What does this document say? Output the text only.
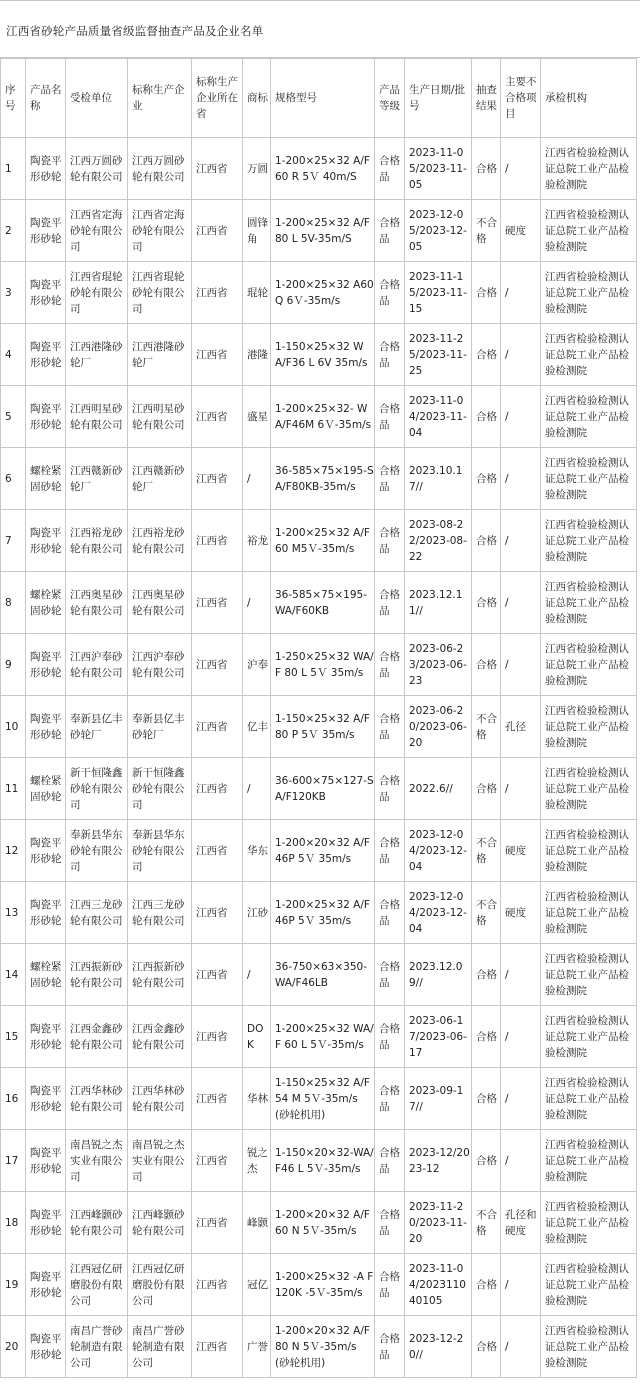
江西省砂轮产品质量省级监督抽查产品及企业名单
序号	产品名称	受检单位	标称生产企业	标称生产企业所在省	商标	规格型号	产品等级	生产日期/批号	抽查结果	主要不合格项目	承检机构
1	陶瓷平形砂轮	江西万圆砂轮有限公司	江西万圆砂轮有限公司	江西省	万圆	1-200×25×32 A/F60 R 5Ｖ 40m/S	合格品	2023-11-05/2023-11-05	合格	/	江西省检验检测认证总院工业产品检验检测院
2	陶瓷平形砂轮	江西省定海砂轮有限公司	江西省定海砂轮有限公司	江西省	圆锋角	1-200×25×32 A/F80 L 5V-35m/S	合格品	2023-12-05/2023-12-05	不合格	硬度	江西省检验检测认证总院工业产品检验检测院
3	陶瓷平形砂轮	江西省琨轮砂轮有限公司	江西省琨轮砂轮有限公司	江西省	琨轮	1-200×25×32 A60 Q 6Ｖ-35m/s	合格品	2023-11-15/2023-11-15	合格	/	江西省检验检测认证总院工业产品检验检测院
4	陶瓷平形砂轮	江西港隆砂轮厂	江西港隆砂轮厂	江西省	港隆	1-150×25×32 W A/F36 L 6V 35m/s	合格品	2023-11-25/2023-11-25	合格	/	江西省检验检测认证总院工业产品检验检测院
5	陶瓷平形砂轮	江西明星砂轮有限公司	江西明星砂轮有限公司	江西省	盛星	1-200×25×32- WA/F46M 6Ｖ-35m/s	合格品	2023-11-04/2023-11-04	合格	/	江西省检验检测认证总院工业产品检验检测院
6	螺栓紧固砂轮	江西赣新砂轮厂	江西赣新砂轮厂	江西省	/	36-585×75×195-SA/F80KB-35m/s	合格品	2023.10.17//	合格	/	江西省检验检测认证总院工业产品检验检测院
7	陶瓷平形砂轮	江西裕龙砂轮有限公司	江西裕龙砂轮有限公司	江西省	裕龙	1-200×25×32 A/F60 M5Ｖ-35m/s	合格品	2023-08-22/2023-08-22	合格	/	江西省检验检测认证总院工业产品检验检测院
8	螺栓紧固砂轮	江西奥星砂轮有限公司	江西奥星砂轮有限公司	江西省	/	36-585×75×195-WA/F60KB	合格品	2023.12.11//	合格	/	江西省检验检测认证总院工业产品检验检测院
9	陶瓷平形砂轮	江西沪奉砂轮有限公司	江西沪奉砂轮有限公司	江西省	沪奉	1-250×25×32 WA/F 80 L 5Ｖ 35m/s	合格品	2023-06-23/2023-06-23	合格	/	江西省检验检测认证总院工业产品检验检测院
10	陶瓷平形砂轮	奉新县亿丰砂轮厂	奉新县亿丰砂轮厂	江西省	亿丰	1-150×25×32 A/F80 P 5Ｖ 35m/s	合格品	2023-06-20/2023-06-20	不合格	孔径	江西省检验检测认证总院工业产品检验检测院
11	螺栓紧固砂轮	新干恒隆鑫砂轮有限公司	新干恒隆鑫砂轮有限公司	江西省	/	36-600×75×127-SA/F120KB	合格品	2022.6//	合格	/	江西省检验检测认证总院工业产品检验检测院
12	陶瓷平形砂轮	奉新县华东砂轮有限公司	奉新县华东砂轮有限公司	江西省	华东	1-200×20×32 A/F46P 5Ｖ 35m/s	合格品	2023-12-04/2023-12-04	不合格	硬度	江西省检验检测认证总院工业产品检验检测院
13	陶瓷平形砂轮	江西三龙砂轮有限公司	江西三龙砂轮有限公司	江西省	江砂	1-200×25×32 A/F46P 5Ｖ 35m/s	合格品	2023-12-04/2023-12-04	不合格	硬度	江西省检验检测认证总院工业产品检验检测院
14	螺栓紧固砂轮	江西振新砂轮有限公司	江西振新砂轮有限公司	江西省	/	36-750×63×350-WA/F46LB	合格品	2023.12.09//	合格	/	江西省检验检测认证总院工业产品检验检测院
15	陶瓷平形砂轮	江西金鑫砂轮有限公司	江西金鑫砂轮有限公司	江西省	DOK	1-200×25×32 WA/F 60 L 5Ｖ-35m/s	合格品	2023-06-17/2023-06-17	合格	/	江西省检验检测认证总院工业产品检验检测院
16	陶瓷平形砂轮	江西华林砂轮有限公司	江西华林砂轮有限公司	江西省	华林	1-150×25×32 A/F54 M 5Ｖ-35m/s (砂轮机用)	合格品	2023-09-17//	合格	/	江西省检验检测认证总院工业产品检验检测院
17	陶瓷平形砂轮	南昌锐之杰实业有限公司	南昌锐之杰实业有限公司	江西省	锐之杰	1-150×20×32-WA/F46 L 5Ｖ-35m/s	合格品	2023-12/2023-12	合格	/	江西省检验检测认证总院工业产品检验检测院
18	陶瓷平形砂轮	江西峰颢砂轮有限公司	江西峰颢砂轮有限公司	江西省	峰颢	1-200×20×32 A/F60 N 5Ｖ-35m/s	合格品	2023-11-20/2023-11-20	不合格	孔径和硬度	江西省检验检测认证总院工业产品检验检测院
19	陶瓷平形砂轮	江西冠亿研磨股份有限公司	江西冠亿研磨股份有限公司	江西省	冠亿	1-200×25×32 -A F120K -5Ｖ-35m/s	合格品	2023-11-04/2023110 40105	合格	/	江西省检验检测认证总院工业产品检验检测院
20	陶瓷平形砂轮	南昌广誉砂轮制造有限公司	南昌广誉砂轮制造有限公司	江西省	广誉	1-200×20×32 A/F80 N 5Ｖ-35m/s (砂轮机用)	合格品	2023-12-20//	合格	/	江西省检验检测认证总院工业产品检验检测院
